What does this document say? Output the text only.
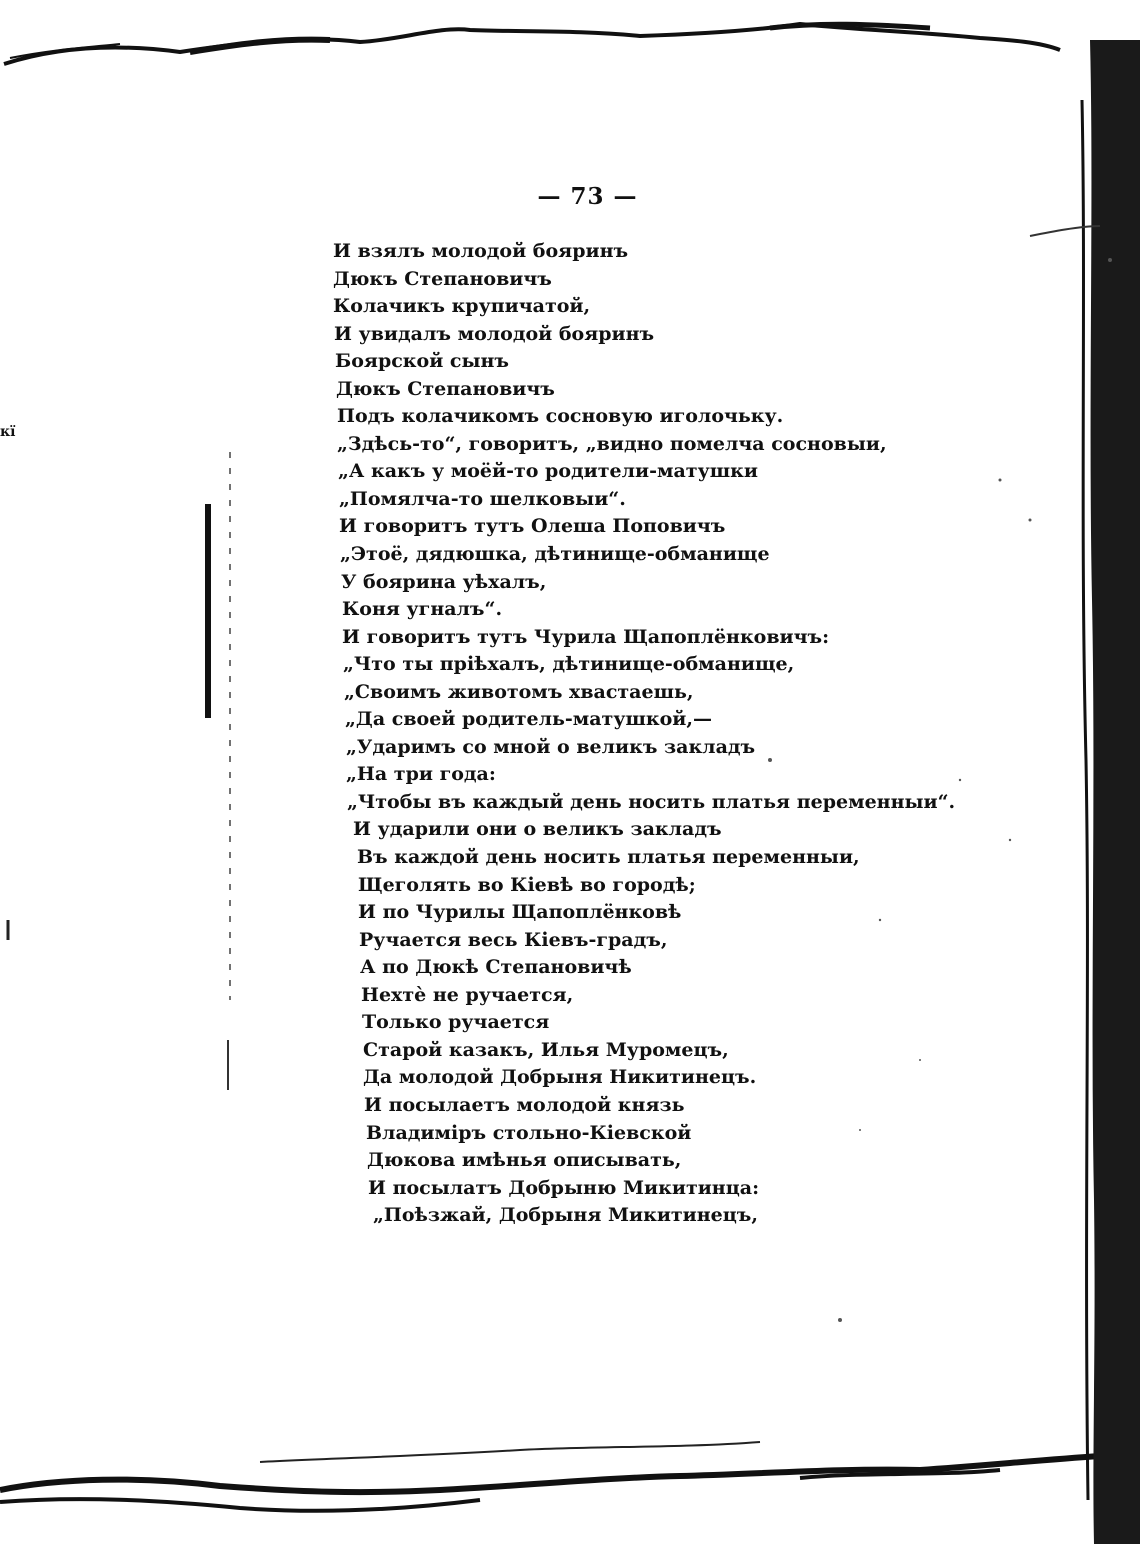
кї
— 73 —
И взялъ молодой бояринъ
Дюкъ Степановичъ
Колачикъ крупичатой,
И увидалъ молодой бояринъ
Боярской сынъ
Дюкъ Степановичъ
Подъ колачикомъ сосновую иголочьку.
„Здѣсь-то“, говоритъ, „видно помелча сосновыи,
„А какъ у моёй-то родители-матушки
„Помялча-то шелковыи“.
И говоритъ тутъ Олеша Поповичъ
„Этоё, дядюшка, дѣтинище-обманище
У боярина уѣхалъ,
Коня угналъ“.
И говоритъ тутъ Чурила Щапоплёнковичъ:
„Что ты пріѣхалъ, дѣтинище-обманище,
„Своимъ животомъ хвастаешь,
„Да своей родитель-матушкой,—
„Ударимъ со мной о великъ закладъ
„На три года:
„Чтобы въ каждый день носить платья переменныи“.
И ударили они о великъ закладъ
Въ каждой день носить платья переменныи,
Щеголять во Кіевѣ во городѣ;
И по Чурилы Щапоплёнковѣ
Ручается весь Кіевъ-градъ,
А по Дюкѣ Степановичѣ
Нехтѐ не ручается,
Только ручается
Старой казакъ, Илья Муромецъ,
Да молодой Добрыня Никитинецъ.
И посылаетъ молодой князь
Владиміръ стольно-Кіевской
Дюкова имѣнья описывать,
И посылатъ Добрыню Микитинца:
„Поѣзжай, Добрыня Микитинецъ,
